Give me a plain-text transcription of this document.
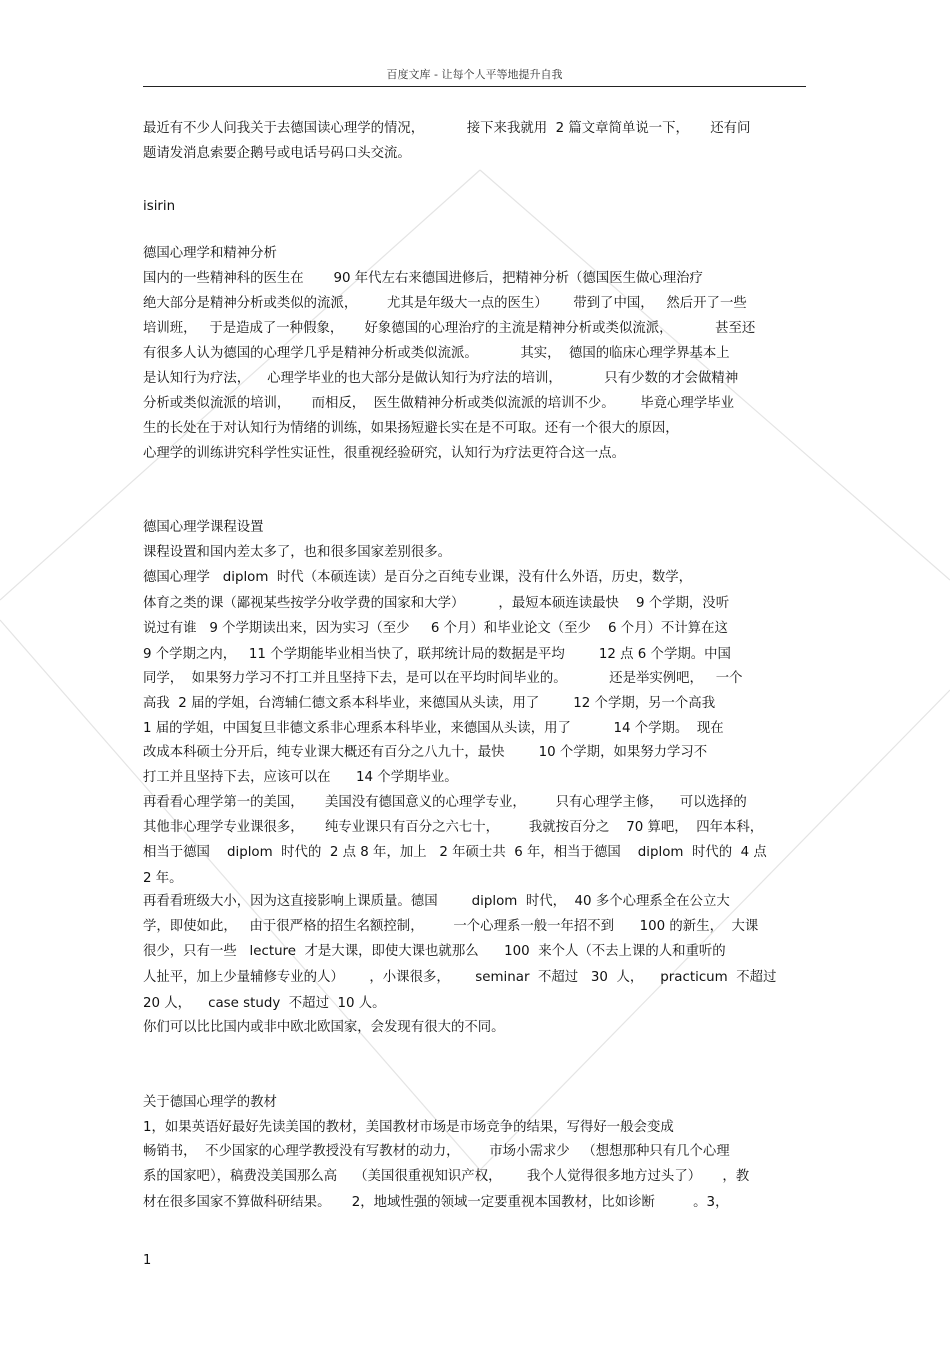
百度文库 - 让每个人平等地提升自我
最近有不少人问我关于去德国读心理学的情况，          接下来我就用  2 篇文章简单说一下，     还有问
题请发消息索要企鹅号或电话号码口头交流。
isirin
德国心理学和精神分析
国内的一些精神科的医生在       90 年代左右来德国进修后，把精神分析（德国医生做心理治疗
绝大部分是精神分析或类似的流派，       尤其是年级大一点的医生）      带到了中国，   然后开了一些
培训班，   于是造成了一种假象，     好象德国的心理治疗的主流是精神分析或类似流派，          甚至还
有很多人认为德国的心理学几乎是精神分析或类似流派。          其实，  德国的临床心理学界基本上
是认知行为疗法，    心理学毕业的也大部分是做认知行为疗法的培训，          只有少数的才会做精神
分析或类似流派的培训，     而相反，  医生做精神分析或类似流派的培训不少。      毕竟心理学毕业
生的长处在于对认知行为情绪的训练，如果扬短避长实在是不可取。还有一个很大的原因，
心理学的训练讲究科学性实证性，很重视经验研究，认知行为疗法更符合这一点。
德国心理学课程设置
课程设置和国内差太多了，也和很多国家差别很多。
德国心理学   diplom  时代（本硕连读）是百分之百纯专业课，没有什么外语，历史，数学，
体育之类的课（鄙视某些按学分收学费的国家和大学）        ，最短本硕连读最快    9 个学期，没听
说过有谁   9 个学期读出来，因为实习（至少     6 个月）和毕业论文（至少    6 个月）不计算在这
9 个学期之内，   11 个学期能毕业相当快了，联邦统计局的数据是平均        12 点 6 个学期。中国
同学，  如果努力学习不打工并且坚持下去，是可以在平均时间毕业的。          还是举实例吧，   一个
高我  2 届的学姐，台湾辅仁德文系本科毕业，来德国从头读，用了        12 个学期，另一个高我
1 届的学姐，中国复旦非德文系非心理系本科毕业，来德国从头读，用了          14 个学期。  现在
改成本科硕士分开后，纯专业课大概还有百分之八九十，最快        10 个学期，如果努力学习不
打工并且坚持下去，应该可以在      14 个学期毕业。
再看看心理学第一的美国，     美国没有德国意义的心理学专业，       只有心理学主修，    可以选择的
其他非心理学专业课很多，     纯专业课只有百分之六七十，       我就按百分之    70 算吧，  四年本科，
相当于德国    diplom  时代的  2 点 8 年，加上   2 年硕士共  6 年，相当于德国    diplom  时代的  4 点
2 年。
再看看班级大小，因为这直接影响上课质量。德国        diplom  时代，  40 多个心理系全在公立大
学，即使如此，   由于很严格的招生名额控制，       一个心理系一般一年招不到      100 的新生，  大课
很少，只有一些   lecture  才是大课，即使大课也就那么      100  来个人（不去上课的人和重听的
人扯平，加上少量辅修专业的人）      ，小课很多，      seminar  不超过   30  人，    practicum  不超过
20 人，    case study  不超过  10 人。
你们可以比比国内或非中欧北欧国家，会发现有很大的不同。
关于德国心理学的教材
1，如果英语好最好先读美国的教材，美国教材市场是市场竞争的结果，写得好一般会变成
畅销书，  不少国家的心理学教授没有写教材的动力，       市场小需求少   （想想那种只有几个心理
系的国家吧），稿费没美国那么高    （美国很重视知识产权，      我个人觉得很多地方过头了）     ，教
材在很多国家不算做科研结果。     2，地域性强的领域一定要重视本国教材，比如诊断         。3，
1
